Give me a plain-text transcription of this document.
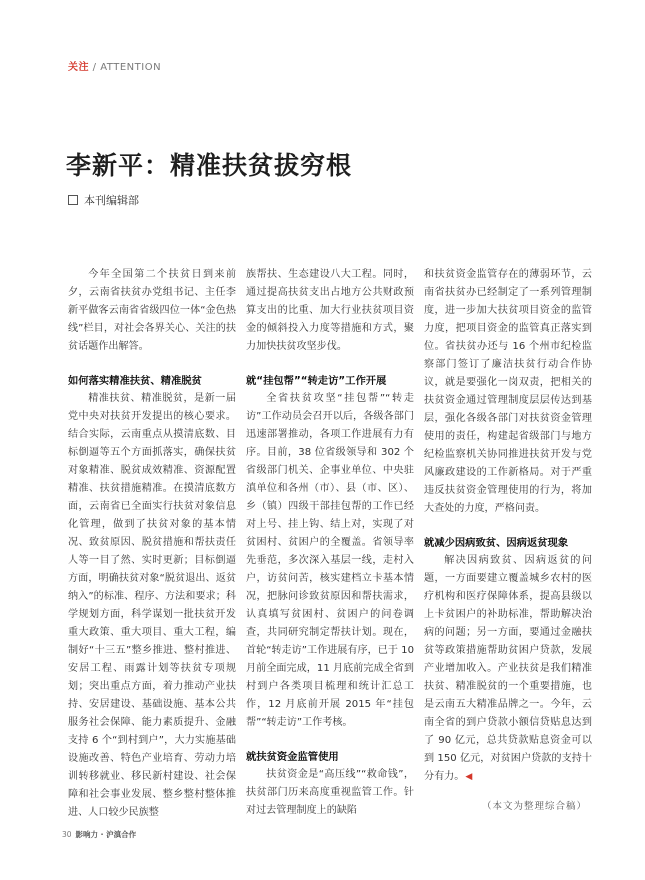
关注 / ATTENTION
李新平：精准扶贫拔穷根
本刊编辑部

今年全国第二个扶贫日到来前夕，云南省扶贫办党组书记、主任李新平做客云南省省级四位一体“金色热线”栏目，对社会各界关心、关注的扶贫话题作出解答。

如何落实精准扶贫、精准脱贫

精准扶贫、精准脱贫，是新一届党中央对扶贫开发提出的核心要求。结合实际，云南重点从摸清底数、目标倒逼等五个方面抓落实，确保扶贫对象精准、脱贫成效精准、资源配置精准、扶贫措施精准。在摸清底数方面，云南省已全面实行扶贫对象信息化管理，做到了扶贫对象的基本情况、致贫原因、脱贫措施和帮扶责任人等一目了然、实时更新；目标倒逼方面，明确扶贫对象“脱贫退出、返贫纳入”的标准、程序、方法和要求；科学规划方面，科学谋划一批扶贫开发重大政策、重大项目、重大工程，编制好“十三五”整乡推进、整村推进、安居工程、雨露计划等扶贫专项规划；突出重点方面，着力推动产业扶持、安居建设、基础设施、基本公共服务社会保障、能力素质提升、金融支持 6 个“到村到户”，大力实施基础设施改善、特色产业培育、劳动力培训转移就业、移民新村建设、社会保障和社会事业发展、整乡整村整体推进、人口较少民族整

族帮扶、生态建设八大工程。同时，通过提高扶贫支出占地方公共财政预算支出的比重、加大行业扶贫项目资金的倾斜投入力度等措施和方式，聚力加快扶贫攻坚步伐。

就“挂包帮”“转走访”工作开展

全省扶贫攻坚“挂包帮”“转走访”工作动员会召开以后，各级各部门迅速部署推动，各项工作进展有力有序。目前，38 位省级领导和 302 个省级部门机关、企事业单位、中央驻滇单位和各州（市）、县（市、区）、乡（镇）四级干部挂包帮的工作已经对上号、挂上钩、结上对，实现了对贫困村、贫困户的全覆盖。省领导率先垂范，多次深入基层一线，走村入户，访贫问苦，核实建档立卡基本情况，把脉问诊致贫原因和帮扶需求，认真填写贫困村、贫困户的问卷调查，共同研究制定帮扶计划。现在，首轮“转走访”工作进展有序，已于 10 月前全面完成，11 月底前完成全省到村到户各类项目梳理和统计汇总工作，12 月底前开展 2015 年“挂包帮”“转走访”工作考核。

就扶贫资金监管使用

扶贫资金是“高压线”“救命钱”，扶贫部门历来高度重视监管工作。针对过去管理制度上的缺陷

和扶贫资金监管存在的薄弱环节，云南省扶贫办已经制定了一系列管理制度，进一步加大扶贫项目资金的监管力度，把项目资金的监管真正落实到位。省扶贫办还与 16 个州市纪检监察部门签订了廉洁扶贫行动合作协议，就是要强化一岗双责，把相关的扶贫资金通过管理制度层层传达到基层，强化各级各部门对扶贫资金管理使用的责任，构建起省级部门与地方纪检监察机关协同推进扶贫开发与党风廉政建设的工作新格局。对于严重违反扶贫资金管理使用的行为，将加大查处的力度，严格问责。

就减少因病致贫、因病返贫现象

解决因病致贫、因病返贫的问题，一方面要建立覆盖城乡农村的医疗机构和医疗保障体系，提高县级以上卡贫困户的补助标准，帮助解决治病的问题；另一方面，要通过金融扶贫等政策措施帮助贫困户贷款，发展产业增加收入。产业扶贫是我们精准扶贫、精准脱贫的一个重要措施，也是云南五大精准品牌之一。今年，云南全省的到户贷款小额信贷贴息达到了 90 亿元，总共贷款贴息资金可以到 150 亿元，对贫困户贷款的支持十分有力。◀

（本文为整理综合稿）
30 影响力 · 沪滇合作
